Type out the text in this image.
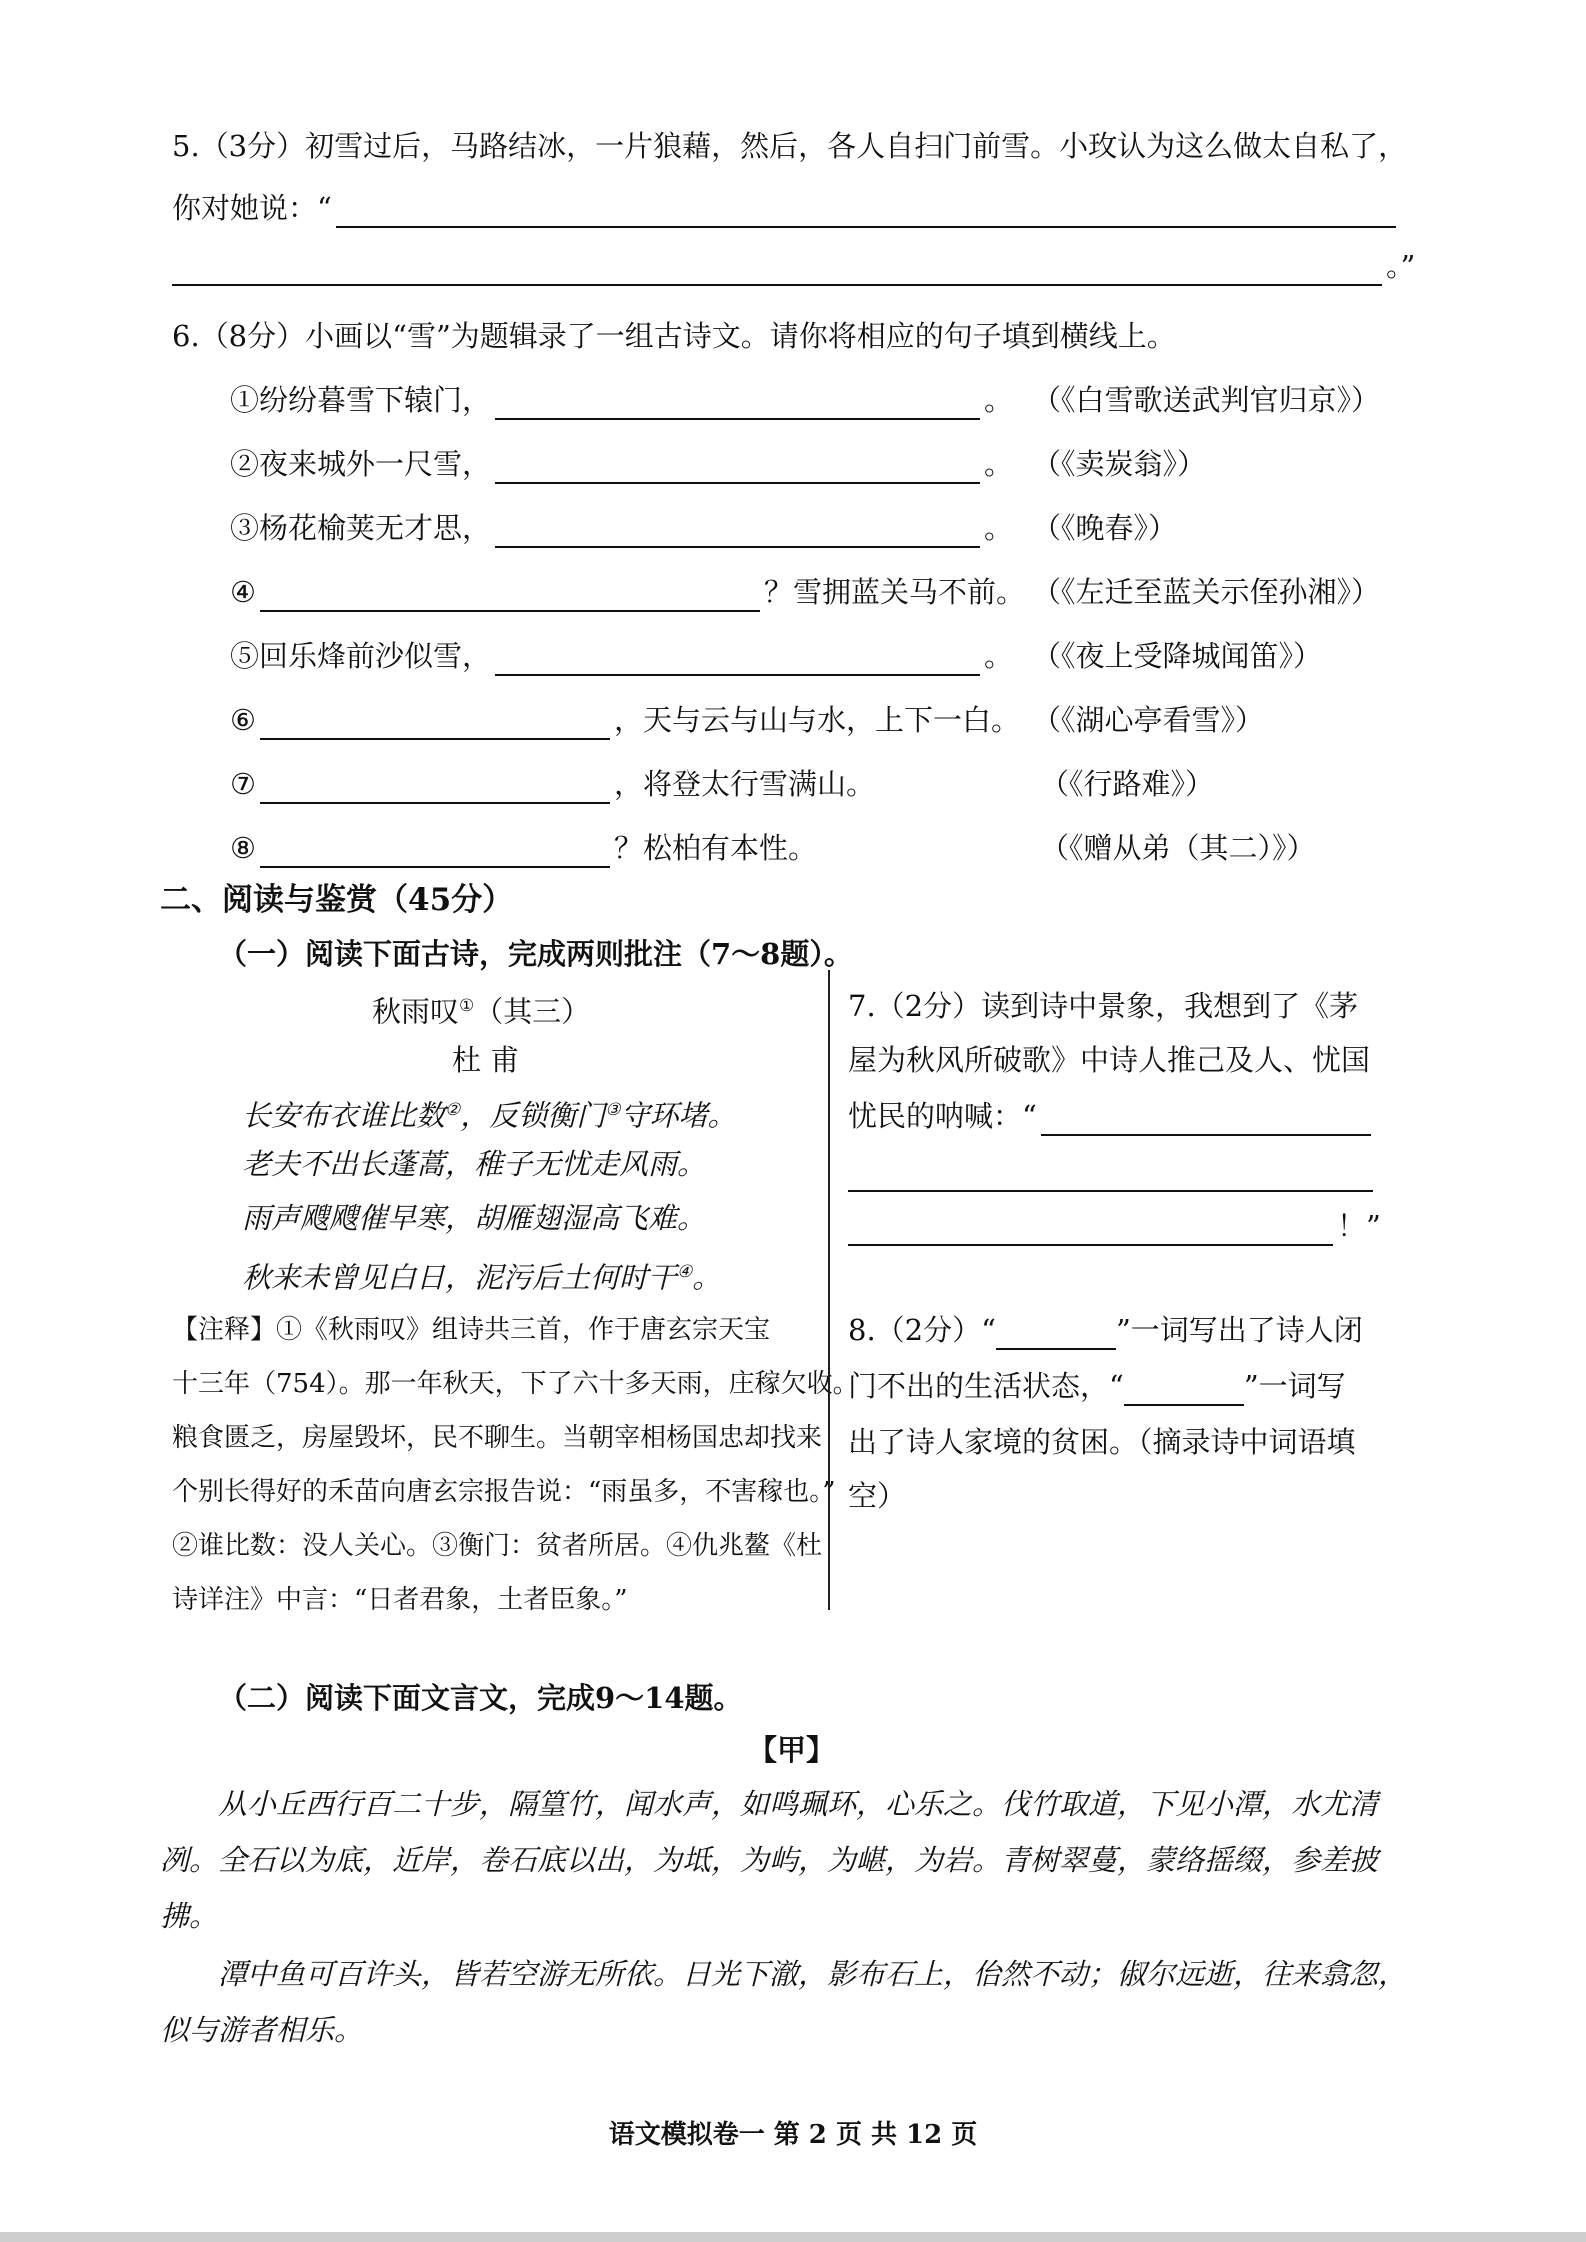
5.（3分）初雪过后，马路结冰，一片狼藉，然后，各人自扫门前雪。小玫认为这么做太自私了，
你对她说：“
。”
6.（8分）小画以“雪”为题辑录了一组古诗文。请你将相应的句子填到横线上。
①纷纷暮雪下辕门，	。 （《白雪歌送武判官归京》）
②夜来城外一尺雪，	。 （《卖炭翁》）
③杨花榆荚无才思，	。 （《晚春》）
④	？雪拥蓝关马不前。 （《左迁至蓝关示侄孙湘》）
⑤回乐烽前沙似雪，	。 （《夜上受降城闻笛》）
⑥	，天与云与山与水，上下一白。 （《湖心亭看雪》）
⑦	，将登太行雪满山。	（《行路难》）
⑧	？松柏有本性。	（《赠从弟（其二）》）
二、阅读与鉴赏（45分）
（一）阅读下面古诗，完成两则批注（7～8题）。
秋雨叹①（其三）
杜 甫
长安布衣谁比数②，反锁衡门③守环堵。
老夫不出长蓬蒿，稚子无忧走风雨。
雨声飕飕催早寒，胡雁翅湿高飞难。
秋来未曾见白日，泥污后土何时干④。
【注释】①《秋雨叹》组诗共三首，作于唐玄宗天宝
十三年（754）。那一年秋天，下了六十多天雨，庄稼欠收。
粮食匮乏，房屋毁坏，民不聊生。当朝宰相杨国忠却找来
个别长得好的禾苗向唐玄宗报告说：“雨虽多，不害稼也。”
②谁比数：没人关心。③衡门：贫者所居。④仇兆鳌《杜
诗详注》中言：“日者君象，土者臣象。”
7.（2分）读到诗中景象，我想到了《茅
屋为秋风所破歌》中诗人推己及人、忧国
忧民的呐喊：“
！”
8.（2分）“	”一词写出了诗人闭
门不出的生活状态，“	”一词写
出了诗人家境的贫困。（摘录诗中词语填
空）
（二）阅读下面文言文，完成9～14题。
【甲】
从小丘西行百二十步，隔篁竹，闻水声，如鸣珮环，心乐之。伐竹取道，下见小潭，水尤清
冽。全石以为底，近岸，卷石底以出，为坻，为屿，为嵁，为岩。青树翠蔓，蒙络摇缀，参差披
拂。
潭中鱼可百许头，皆若空游无所依。日光下澈，影布石上，佁然不动；俶尔远逝，往来翕忽，
似与游者相乐。
语文模拟卷一 第 2 页 共 12 页
